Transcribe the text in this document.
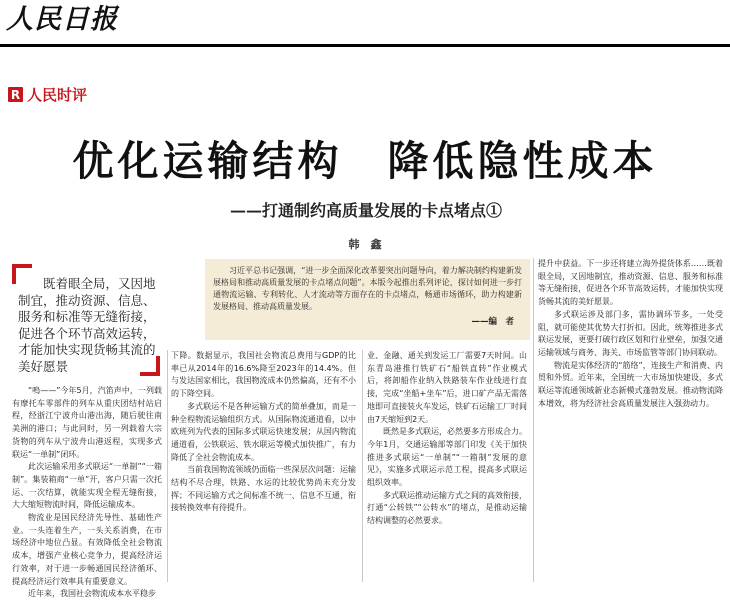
人民日报
R 人民时评
优化运输结构　降低隐性成本
——打通制约高质量发展的卡点堵点①
韩　鑫
既着眼全局，又因地制宜，推动资源、信息、服务和标准等无缝衔接，促进各个环节高效运转，才能加快实现货畅其流的美好愿景
习近平总书记强调，“进一步全面深化改革要突出问题导向，着力解决制约构建新发展格局和推动高质量发展的卡点堵点问题”。本版今起推出系列评论，探讨如何进一步打通物流运输、专利转化、人才流动等方面存在的卡点堵点，畅通市场循环，助力构建新发展格局、推动高质量发展。
——编　者

“嗚——”今年5月，汽笛声中，一列载有摩托车零部件的列车从重庆团结村站启程，经浙江宁波舟山港出海，随后驶往南美洲的港口；与此同时，另一列载着大宗货物的列车从宁波舟山港返程，实现多式联运“一单制”闭环。

此次运输采用多式联运“一单制”“一箱制”。集装箱商“一单”开，客户只需一次托运、一次结算，就能实现全程无缝衔接，大大缩短物流时间，降低运输成本。

物流业是国民经济先导性、基础性产业。一头连着生产，一头关系消费，在市场经济中地位凸显。有效降低全社会物流成本，增强产业核心竞争力，提高经济运行效率，对于进一步畅通国民经济循环、提高经济运行效率具有重要意义。

近年来，我国社会物流成本水平稳步

下降。数据显示，我国社会物流总费用与GDP的比率已从2014年的16.6%降至2023年的14.4%。但与发达国家相比，我国物流成本仍然偏高，还有不小的下降空间。

多式联运不是各种运输方式的简单叠加，而是一种全程物流运输组织方式。从国际物流通道看，以中欧班列为代表的国际多式联运快速发展；从国内物流通道看，公铁联运、铁水联运等模式加快推广，有力降低了全社会物流成本。

当前我国物流领域仍面临一些深层次问题：运输结构不尽合理，铁路、水运的比较优势尚未充分发挥；不同运输方式之间标准不统一、信息不互通，衔接转换效率有待提升。

业、金融、通关到发运工厂需要7天时间。山东青岛港推行铁矿石“船铁直转”作业模式后，将卸船作业纳入铁路装车作业线进行直接，完成“坐船+坐车”后，进口矿产品无需落地即可直接装火车发运，铁矿石运输工厂时间由7天缩短到2天。

既然是多式联运，必然要多方形成合力。今年1月，交通运输部等部门印发《关于加快推进多式联运“一单制”“一箱制”发展的意见》，实施多式联运示范工程，提高多式联运组织效率。

多式联运推动运输方式之间的高效衔接，打通“公转铁”“公转水”的堵点，是推动运输结构调整的必然要求。

提升中获益。下一步还将建立海外提货体系……既着眼全局，又因地制宜，推动资源、信息、服务和标准等无缝衔接，促进各个环节高效运转，才能加快实现货畅其流的美好愿景。

多式联运涉及部门多，需协调环节多，一处受阻，就可能使其优势大打折扣。因此，统筹推进多式联运发展，更要打破行政区划和行业壁垒，加强交通运输领域与商务、海关、市场监管等部门协同联动。

物流是实体经济的“筋络”，连接生产和消费、内贸和外贸。近年来，全国统一大市场加快建设，多式联运等流通领域新业态新模式蓬勃发展。推动物流降本增效，将为经济社会高质量发展注入强劲动力。
